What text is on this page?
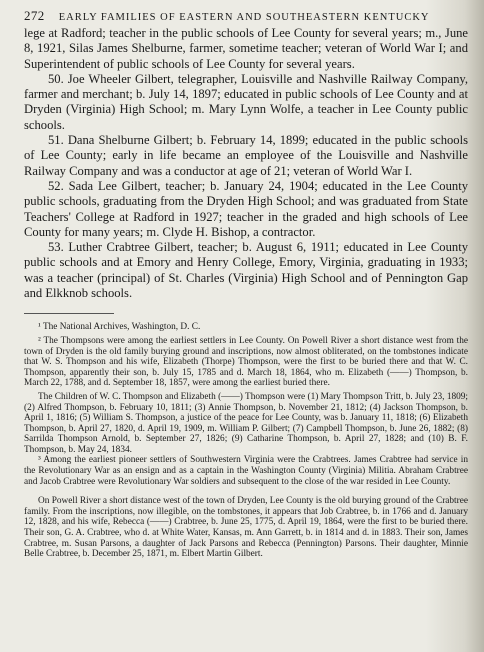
272 EARLY FAMILIES OF EASTERN AND SOUTHEASTERN KENTUCKY

lege at Radford; teacher in the public schools of Lee County for several years; m., June 8, 1921, Silas James Shelburne, farmer, sometime teacher; veteran of World War I; and Superintendent of public schools of Lee County for several years.

50. Joe Wheeler Gilbert, telegrapher, Louisville and Nashville Railway Company, farmer and merchant; b. July 14, 1897; educated in public schools of Lee County and at Dryden (Virginia) High School; m. Mary Lynn Wolfe, a teacher in Lee County public schools.

51. Dana Shelburne Gilbert; b. February 14, 1899; educated in the public schools of Lee County; early in life became an employee of the Louisville and Nashville Railway Company and was a conductor at age of 21; veteran of World War I.

52. Sada Lee Gilbert, teacher; b. January 24, 1904; educated in the Lee County public schools, graduating from the Dryden High School; and was graduated from State Teachers' College at Radford in 1927; teacher in the graded and high schools of Lee County for many years; m. Clyde H. Bishop, a contractor.

53. Luther Crabtree Gilbert, teacher; b. August 6, 1911; educated in Lee County public schools and at Emory and Henry College, Emory, Virginia, graduating in 1933; was a teacher (principal) of St. Charles (Virginia) High School and of Pennington Gap and Elkknob schools.

¹ The National Archives, Washington, D. C.

² The Thompsons were among the earliest settlers in Lee County. On Powell River a short distance west from the town of Dryden is the old family burying ground and inscriptions, now almost obliterated, on the tombstones indicate that W. S. Thompson and his wife, Elizabeth (Thorpe) Thompson, were the first to be buried there and that W. C. Thompson, apparently their son, b. July 15, 1785 and d. March 18, 1864, who m. Elizabeth (——) Thompson, b. March 22, 1788, and d. September 18, 1857, were among the earliest buried there.

The Children of W. C. Thompson and Elizabeth (——) Thompson were (1) Mary Thompson Tritt, b. July 23, 1809; (2) Alfred Thompson, b. February 10, 1811; (3) Annie Thompson, b. November 21, 1812; (4) Jackson Thompson, b. April 1, 1816; (5) William S. Thompson, a justice of the peace for Lee County, was b. January 11, 1818; (6) Elizabeth Thompson, b. April 27, 1820, d. April 19, 1909, m. William P. Gilbert; (7) Campbell Thompson, b. June 26, 1882; (8) Sarrilda Thompson Arnold, b. September 27, 1826; (9) Catharine Thompson, b. April 27, 1828; and (10) B. F. Thompson, b. May 24, 1834.

³ Among the earliest pioneer settlers of Southwestern Virginia were the Crabtrees. James Crabtree had service in the Revolutionary War as an ensign and as a captain in the Washington County (Virginia) Militia. Abraham Crabtree and Jacob Crabtree were Revolutionary War soldiers and subsequent to the close of the war resided in Lee County.

On Powell River a short distance west of the town of Dryden, Lee County is the old burying ground of the Crabtree family. From the inscriptions, now illegible, on the tombstones, it appears that Job Crabtree, b. in 1766 and d. January 12, 1828, and his wife, Rebecca (——) Crabtree, b. June 25, 1775, d. April 19, 1864, were the first to be buried there. Their son, G. A. Crabtree, who d. at White Water, Kansas, m. Ann Garrett, b. in 1814 and d. in 1883. Their son, James Crabtree, m. Susan Parsons, a daughter of Jack Parsons and Rebecca (Pennington) Parsons. Their daughter, Minnie Belle Crabtree, b. December 25, 1871, m. Elbert Martin Gilbert.
